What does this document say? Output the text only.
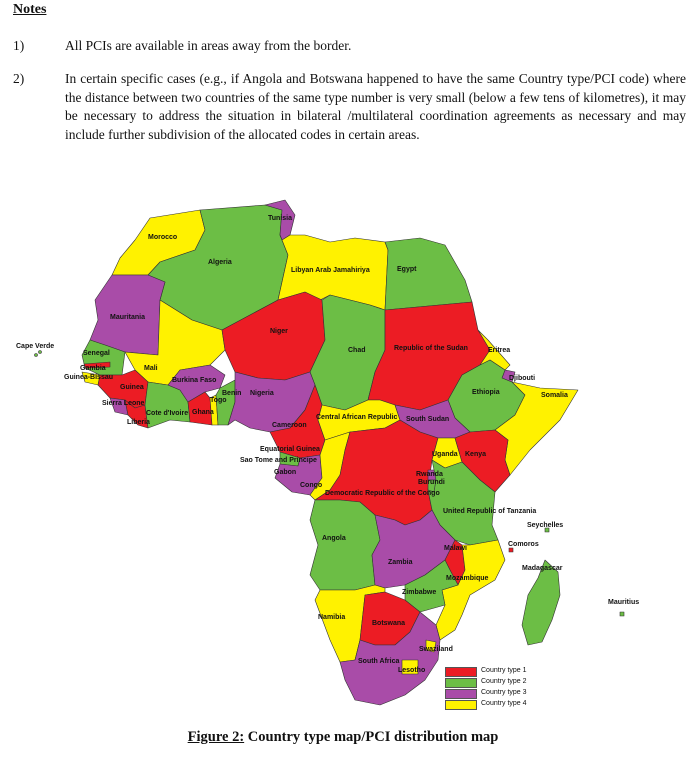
Notes
1)	All PCIs are available in areas away from the border.
2)	In certain specific cases (e.g., if Angola and Botswana happened to have the same Country type/PCI code) where the distance between two countries of the same type number is very small (below a few tens of kilometres), it may be necessary to address the situation in bilateral /multilateral coordination agreements as necessary and may include further subdivision of the allocated codes in certain areas.
Tunisia
Morocco
Algeria
Libyan Arab Jamahiriya	Egypt
Mauritania
Niger
Cape Verde
Senegal	Chad	Republic of the Sudan	Eritrea
Gambia	Mali
Guinea-Bissau
Guinea
Burkina Faso	Djibouti
Ethiopia	Somalia
Benin Nigeria
Togo
Sierra Leone
Cote d'Ivoire Ghana
Central African Republic South Sudan
Liberia	Cameroon
Equatorial Guinea
Uganda Kenya
Sao Tome and Principe
Gabon	Rwanda
Burundi
Congo
Democratic Republic of the Congo
United Republic of Tanzania
Seychelles
Angola
Malawi
Comoros
Zambia
Madagascar
Mozambique
Zimbabwe
Mauritius
Namibia
Botswana
Swaziland
South Africa
Lesotho	Country type 1
Country type 2
Country type 3
Country type 4
Figure 2: Country type map/PCI distribution map
